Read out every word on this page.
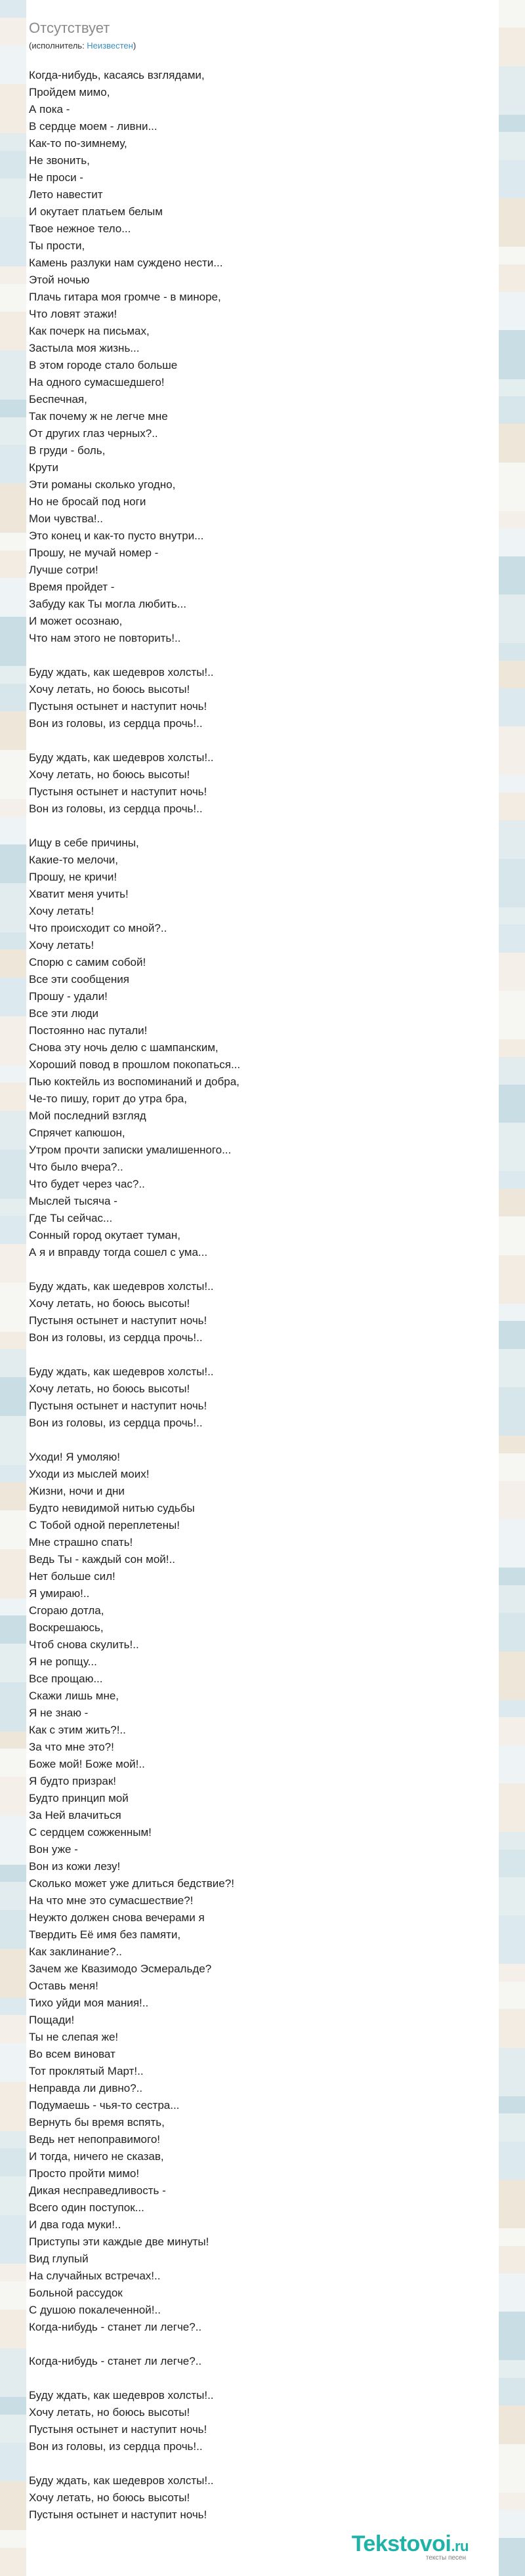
Отсутствует
(исполнитель: Неизвестен)
Когда-нибудь, касаясь взглядами,
Пройдем мимо,
А пока -
В сердце моем - ливни...
Как-то по-зимнему,
Не звонить,
Не проси -
Лето навестит
И окутает платьем белым
Твое нежное тело...
Ты прости,
Камень разлуки нам суждено нести...
Этой ночью
Плачь гитара моя громче - в миноре,
Что ловят этажи!
Как почерк на письмах,
Застыла моя жизнь...
В этом городе стало больше
На одного сумасшедшего!
Беспечная,
Так почему ж не легче мне
От других глаз черных?..
В груди - боль,
Крути
Эти романы сколько угодно,
Но не бросай под ноги
Мои чувства!..
Это конец и как-то пусто внутри...
Прошу, не мучай номер -
Лучше сотри!
Время пройдет -
Забуду как Ты могла любить...
И может осознаю,
Что нам этого не повторить!..

Буду ждать, как шедевров холсты!..
Хочу летать, но боюсь высоты!
Пустыня остынет и наступит ночь!
Вон из головы, из сердца прочь!..

Буду ждать, как шедевров холсты!..
Хочу летать, но боюсь высоты!
Пустыня остынет и наступит ночь!
Вон из головы, из сердца прочь!..

Ищу в себе причины,
Какие-то мелочи,
Прошу, не кричи!
Хватит меня учить!
Хочу летать!
Что происходит со мной?..
Хочу летать!
Спорю с самим собой!
Все эти сообщения
Прошу - удали!
Все эти люди
Постоянно нас путали!
Снова эту ночь делю с шампанским,
Хороший повод в прошлом покопаться...
Пью коктейль из воспоминаний и добра,
Че-то пишу, горит до утра бра,
Мой последний взгляд
Спрячет капюшон,
Утром прочти записки умалишенного...
Что было вчера?..
Что будет через час?..
Мыслей тысяча -
Где Ты сейчас...
Сонный город окутает туман,
А я и вправду тогда сошел с ума...

Буду ждать, как шедевров холсты!..
Хочу летать, но боюсь высоты!
Пустыня остынет и наступит ночь!
Вон из головы, из сердца прочь!..

Буду ждать, как шедевров холсты!..
Хочу летать, но боюсь высоты!
Пустыня остынет и наступит ночь!
Вон из головы, из сердца прочь!..

Уходи! Я умоляю!
Уходи из мыслей моих!
Жизни, ночи и дни
Будто невидимой нитью судьбы
С Тобой одной переплетены!
Мне страшно спать!
Ведь Ты - каждый сон мой!..
Нет больше сил!
Я умираю!..
Сгораю дотла,
Воскрешаюсь,
Чтоб снова скулить!..
Я не ропщу...
Все прощаю...
Скажи лишь мне,
Я не знаю -
Как с этим жить?!..
За что мне это?!
Боже мой! Боже мой!..
Я будто призрак!
Будто принцип мой
За Ней влачиться
С сердцем сожженным!
Вон уже -
Вон из кожи лезу!
Сколько может уже длиться бедствие?!
На что мне это сумасшествие?!
Неужто должен снова вечерами я
Твердить Её имя без памяти,
Как заклинание?..
Зачем же Квазимодо Эсмеральде?
Оставь меня!
Тихо уйди моя мания!..
Пощади!
Ты не слепая же!
Во всем виноват
Тот проклятый Март!..
Неправда ли дивно?..
Подумаешь - чья-то сестра...
Вернуть бы время вспять,
Ведь нет непоправимого!
И тогда, ничего не сказав,
Просто пройти мимо!
Дикая несправедливость -
Всего один поступок...
И два года муки!..
Приступы эти каждые две минуты!
Вид глупый
На случайных встречах!..
Больной рассудок
С душою покалеченной!..
Когда-нибудь - станет ли легче?..

Когда-нибудь - станет ли легче?..

Буду ждать, как шедевров холсты!..
Хочу летать, но боюсь высоты!
Пустыня остынет и наступит ночь!
Вон из головы, из сердца прочь!..

Буду ждать, как шедевров холсты!..
Хочу летать, но боюсь высоты!
Пустыня остынет и наступит ночь!

Tekstovoi.ru
тексты песен
